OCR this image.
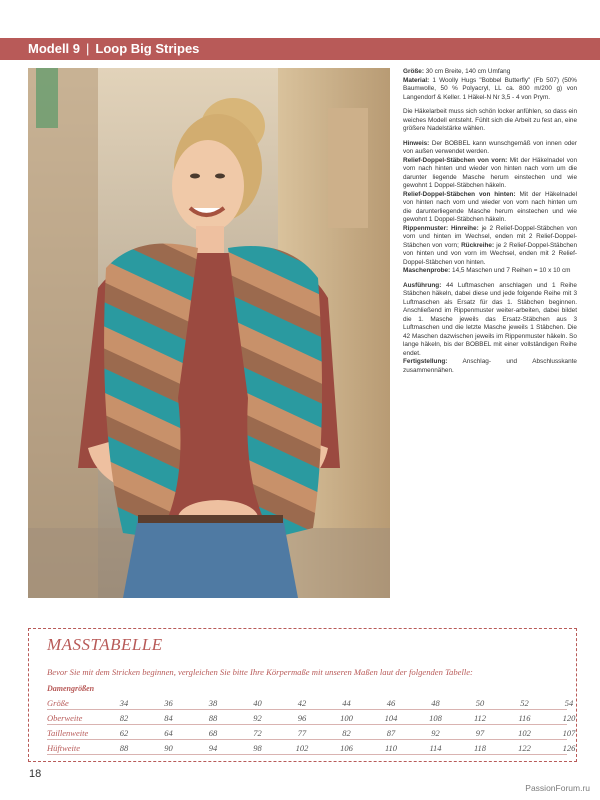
Modell 9 | Loop Big Stripes

Größe: 30 cm Breite, 140 cm Umfang
Material: 1 Woolly Hugs "Bobbel Butterfly" (Fb 507) (50% Baumwolle, 50 % Polyacryl, LL ca. 800 m/200 g) von Langendorf & Keller. 1 Häkel-N Nr 3,5 - 4 von Prym.

Die Häkelarbeit muss sich schön locker anfühlen, so dass ein weiches Modell entsteht. Fühlt sich die Arbeit zu fest an, eine größere Nadelstärke wählen.

Hinweis: Der BOBBEL kann wunschgemäß von innen oder von außen verwendet werden.
Relief-Doppel-Stäbchen von vorn: Mit der Häkelnadel von vorn nach hinten und wieder von hinten nach vorn um die darunter liegende Masche herum einstechen und wie gewohnt 1 Doppel-Stäbchen häkeln.
Relief-Doppel-Stäbchen von hinten: Mit der Häkelnadel von hinten nach vorn und wieder von vorn nach hinten um die darunterliegende Masche herum einstechen und wie gewohnt 1 Doppel-Stäbchen häkeln.
Rippenmuster: Hinreihe: je 2 Relief-Doppel-Stäbchen von vorn und hinten im Wechsel, enden mit 2 Relief-Doppel-Stäbchen von vorn; Rückreihe: je 2 Relief-Doppel-Stäbchen von hinten und von vorn im Wechsel, enden mit 2 Relief-Doppel-Stäbchen von hinten.
Maschenprobe: 14,5 Maschen und 7 Reihen = 10 x 10 cm

Ausführung: 44 Luftmaschen anschlagen und 1 Reihe Stäbchen häkeln, dabei diese und jede folgende Reihe mit 3 Luftmaschen als Ersatz für das 1. Stäbchen beginnen. Anschließend im Rippenmuster weiter-arbeiten, dabei bildet die 1. Masche jeweils das Ersatz-Stäbchen aus 3 Luftmaschen und die letzte Masche jeweils 1 Stäbchen. Die 42 Maschen dazwischen jeweils im Rippenmuster häkeln. So lange häkeln, bis der BOBBEL mit einer vollständigen Reihe endet.
Fertigstellung: Anschlag- und Abschlusskante zusammennähen.

MASSTABELLE
Bevor Sie mit dem Stricken beginnen, vergleichen Sie bitte Ihre Körpermaße mit unseren Maßen laut der folgenden Tabelle:
Damengrößen
Größe	34	36	38	40	42	44	46	48	50	52	54
Oberweite	82	84	88	92	96	100	104	108	112	116	120
Taillenweite	62	64	68	72	77	82	87	92	97	102	107
Hüftweite	88	90	94	98	102	106	110	114	118	122	126
18
PassionForum.ru
